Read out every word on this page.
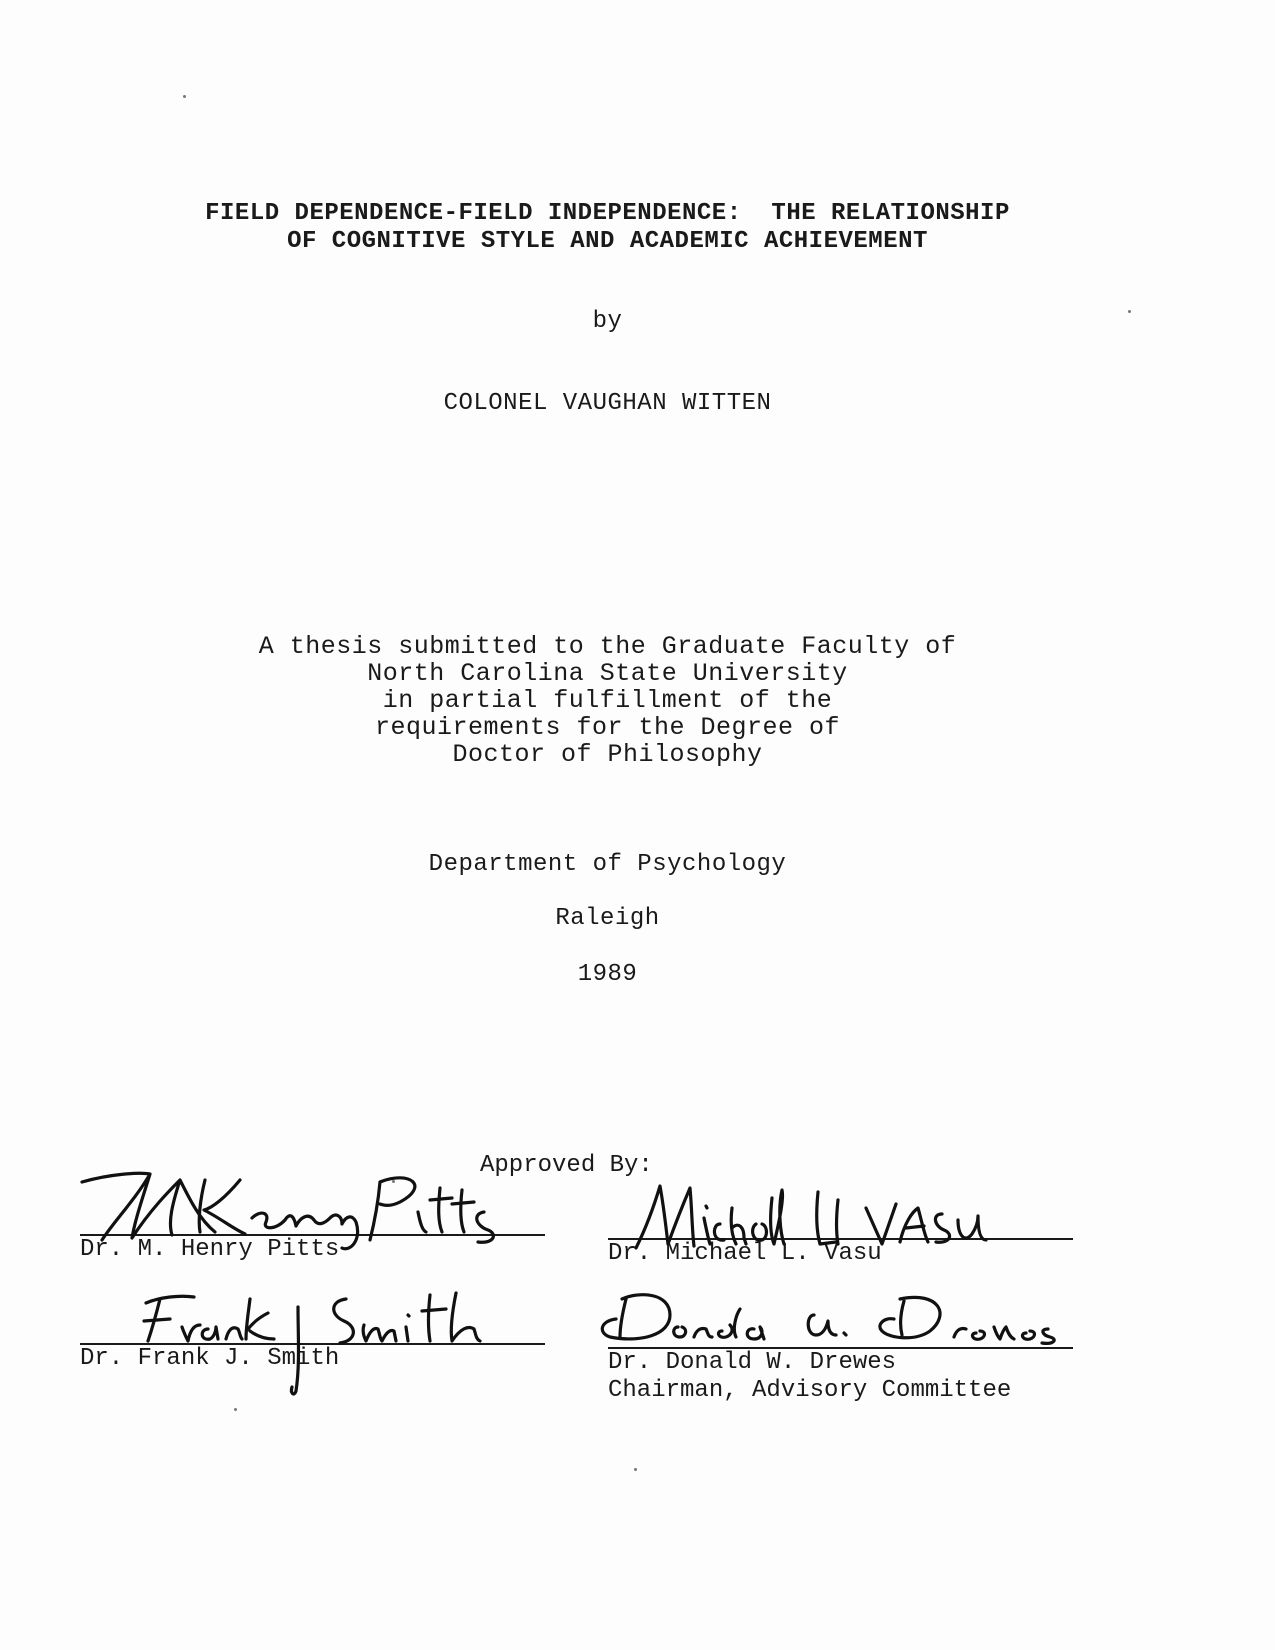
FIELD DEPENDENCE-FIELD INDEPENDENCE:  THE RELATIONSHIP
OF COGNITIVE STYLE AND ACADEMIC ACHIEVEMENT
by
COLONEL VAUGHAN WITTEN
A thesis submitted to the Graduate Faculty of
North Carolina State University
in partial fulfillment of the
requirements for the Degree of
Doctor of Philosophy
Department of Psychology
Raleigh
1989
Approved By:
Dr. M. Henry Pitts	Dr. Michael L. Vasu
Dr. Frank J. Smith	Dr. Donald W. Drewes
Chairman, Advisory Committee
